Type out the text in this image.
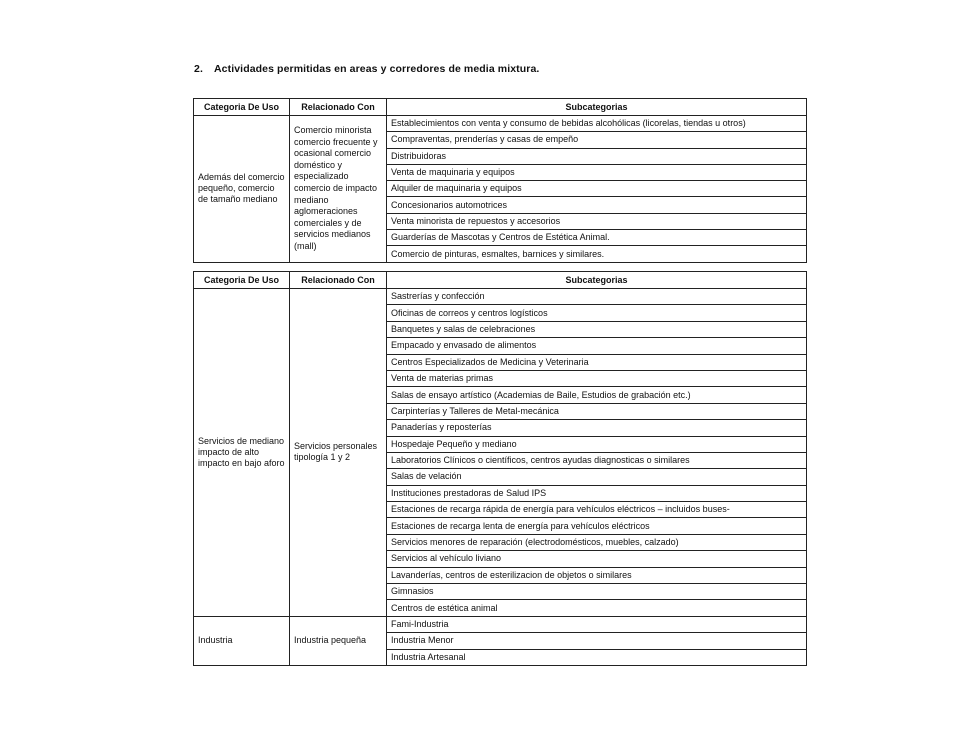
2. Actividades permitidas en areas y corredores de media mixtura.
Categoria De Uso	Relacionado Con	Subcategorias
Además del comercio pequeño, comercio de tamaño mediano	Comercio minorista comercio frecuente y ocasional comercio doméstico y especializado comercio de impacto mediano aglomeraciones comerciales y de servicios medianos (mall)	Establecimientos con venta y consumo de bebidas alcohólicas (licorelas, tiendas u otros)
		Compraventas, prenderías y casas de empeño
		Distribuidoras
		Venta de maquinaria y equipos
		Alquiler de maquinaria y equipos
		Concesionarios automotrices
		Venta minorista de repuestos y accesorios
		Guarderías de Mascotas y Centros de Estética Animal.
		Comercio de pinturas, esmaltes, barnices y similares.
Categoria De Uso	Relacionado Con	Subcategorias
Servicios de mediano impacto de alto impacto en bajo aforo	Servicios personales tipología 1 y 2	Sastrerías y confección
		Oficinas de correos y centros logísticos
		Banquetes y salas de celebraciones
		Empacado y envasado de alimentos
		Centros Especializados de Medicina y Veterinaria
		Venta de materias primas
		Salas de ensayo artístico (Academias de Baile, Estudios de grabación etc.)
		Carpinterías y Talleres de Metal-mecánica
		Panaderías y reposterías
		Hospedaje Pequeño y mediano
		Laboratorios Clínicos o científicos, centros ayudas diagnosticas o similares
		Salas de velación
		Instituciones prestadoras de Salud IPS
		Estaciones de recarga rápida de energía para vehículos eléctricos – incluidos buses-
		Estaciones de recarga lenta de energía para vehículos eléctricos
		Servicios menores de reparación (electrodomésticos, muebles, calzado)
		Servicios al vehículo liviano
		Lavanderías, centros de esterilizacion de objetos o similares
		Gimnasios
		Centros de estética animal
Industria	Industria pequeña	Fami-Industria
		Industria Menor
		Industria Artesanal
